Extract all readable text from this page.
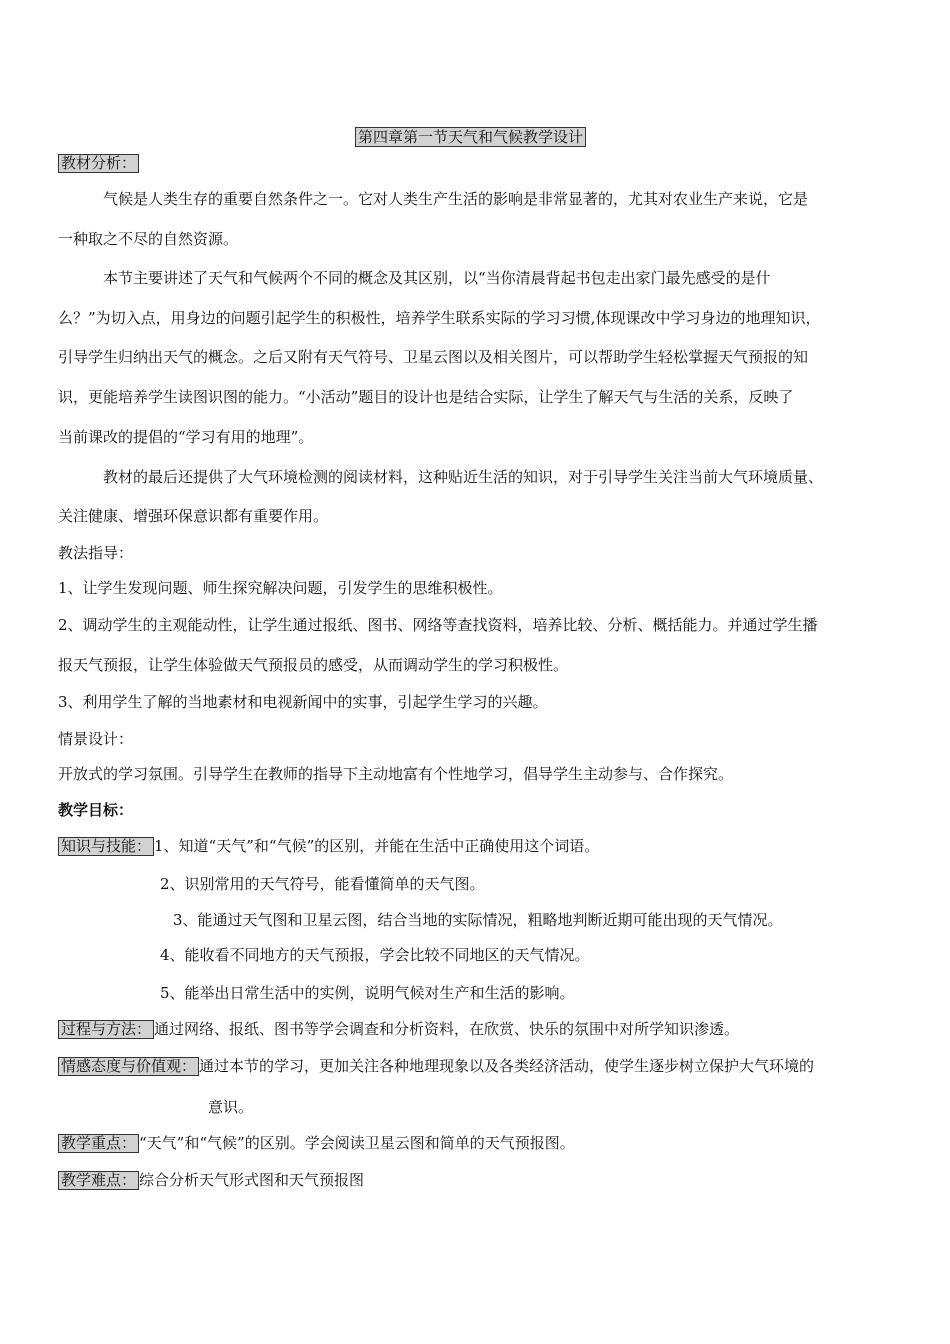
第四章第一节天气和气候教学设计
教材分析：
气候是人类生存的重要自然条件之一。它对人类生产生活的影响是非常显著的，尤其对农业生产来说，它是
一种取之不尽的自然资源。
本节主要讲述了天气和气候两个不同的概念及其区别，以“当你清晨背起书包走出家门最先感受的是什
么？”为切入点，用身边的问题引起学生的积极性，培养学生联系实际的学习习惯,体现课改中学习身边的地理知识，
引导学生归纳出天气的概念。之后又附有天气符号、卫星云图以及相关图片，可以帮助学生轻松掌握天气预报的知
识，更能培养学生读图识图的能力。“小活动”题目的设计也是结合实际，让学生了解天气与生活的关系，反映了
当前课改的提倡的“学习有用的地理”。
教材的最后还提供了大气环境检测的阅读材料，这种贴近生活的知识，对于引导学生关注当前大气环境质量、
关注健康、增强环保意识都有重要作用。
教法指导：
1、让学生发现问题、师生探究解决问题，引发学生的思维积极性。
2、调动学生的主观能动性，让学生通过报纸、图书、网络等查找资料，培养比较、分析、概括能力。并通过学生播
报天气预报，让学生体验做天气预报员的感受，从而调动学生的学习积极性。
3、利用学生了解的当地素材和电视新闻中的实事，引起学生学习的兴趣。
情景设计：
开放式的学习氛围。引导学生在教师的指导下主动地富有个性地学习，倡导学生主动参与、合作探究。
教学目标：
知识与技能： 1、知道“天气”和“气候”的区别，并能在生活中正确使用这个词语。
2、识别常用的天气符号，能看懂简单的天气图。
3、能通过天气图和卫星云图，结合当地的实际情况，粗略地判断近期可能出现的天气情况。
4、能收看不同地方的天气预报，学会比较不同地区的天气情况。
5、能举出日常生活中的实例，说明气候对生产和生活的影响。
过程与方法： 通过网络、报纸、图书等学会调查和分析资料，在欣赏、快乐的氛围中对所学知识渗透。
情感态度与价值观： 通过本节的学习，更加关注各种地理现象以及各类经济活动，使学生逐步树立保护大气环境的
意识。
教学重点： “天气”和“气候”的区别。学会阅读卫星云图和简单的天气预报图。
教学难点： 综合分析天气形式图和天气预报图
